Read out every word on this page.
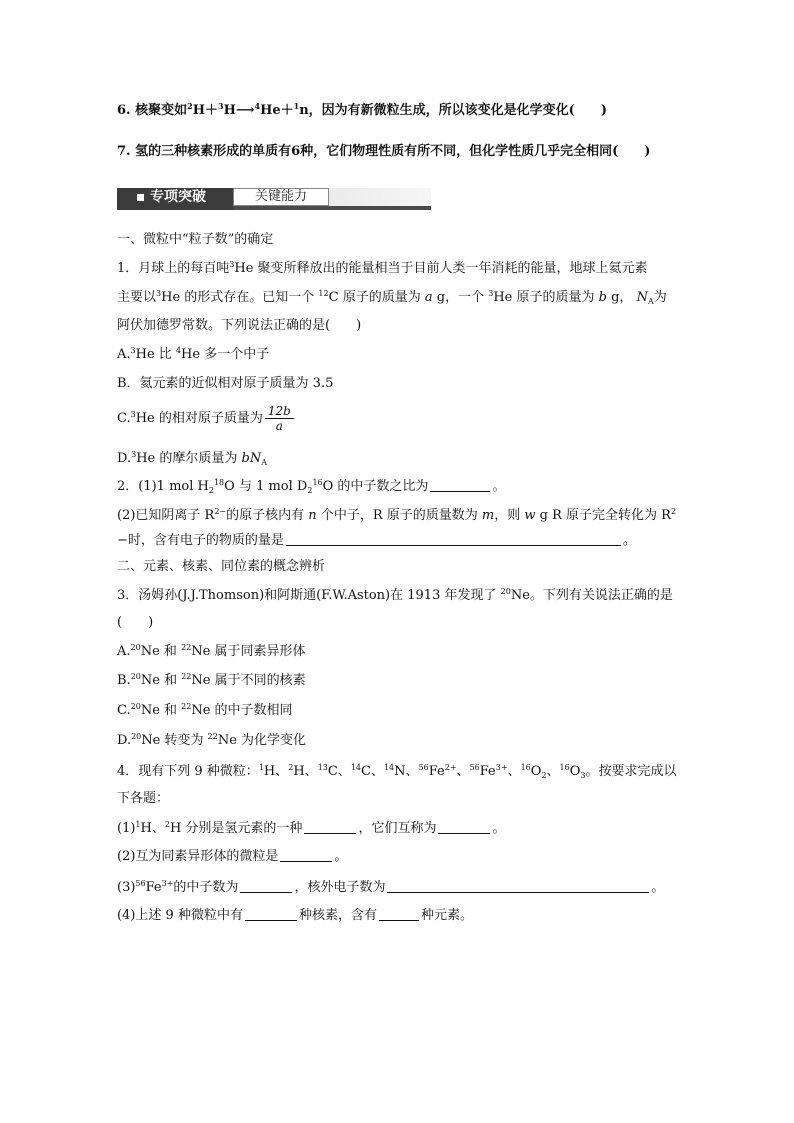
6. 核聚变如$^2$H＋$^3$H⟶$^4$He＋$^1$n，因为有新微粒生成，所以该变化是化学变化(　　)
7. 氢的三种核素形成的单质有6种，它们物理性质有所不同，但化学性质几乎完全相同(　　)
专项突破	关键能力
一、微粒中“粒子数”的确定
1．月球上的每百吨$^3$He 聚变所释放出的能量相当于目前人类一年消耗的能量，地球上氦元素
主要以$^3$He 的形式存在。已知一个 $^{12}$C 原子的质量为 a g，一个 $^3$He 原子的质量为 b g， $N_A$为
阿伏加德罗常数。下列说法正确的是(　　)
A.$^3$He 比 $^4$He 多一个中子
B．氦元素的近似相对原子质量为 3.5
C.$^3$He 的相对原子质量为 $\frac{12b}{a}$
D.$^3$He 的摩尔质量为 $bN_A$
2．(1)1 mol $H_2^{18}O$ 与 1 mol $D_2^{16}O$ 的中子数之比为	。
(2)已知阴离子 $R^{2-}$的原子核内有 n 个中子，R 原子的质量数为 m，则 w g R 原子完全转化为 $R^2$
−时，含有电子的物质的量是	。
二、元素、核素、同位素的概念辨析
3．汤姆孙(J.J.Thomson)和阿斯通(F.W.Aston)在 1913 年发现了 $^{20}$Ne。下列有关说法正确的是
(　　)
A.$^{20}$Ne 和 $^{22}$Ne 属于同素异形体
B.$^{20}$Ne 和 $^{22}$Ne 属于不同的核素
C.$^{20}$Ne 和 $^{22}$Ne 的中子数相同
D.$^{20}$Ne 转变为 $^{22}$Ne 为化学变化
4．现有下列 9 种微粒：$^1$H、$^2$H、$^{13}$C、$^{14}$C、$^{14}$N、$^{56}Fe^{2+}$、$^{56}Fe^{3+}$、$^{16}O_2$、$^{16}O_3$。按要求完成以
下各题：
$(1)^1H$、$^2$H 分别是氢元素的一种	，它们互称为	。
(2)互为同素异形体的微粒是	。
$(3)^{56}Fe^{3+}$的中子数为	，核外电子数为	。
(4)上述 9 种微粒中有	种核素，含有	种元素。
